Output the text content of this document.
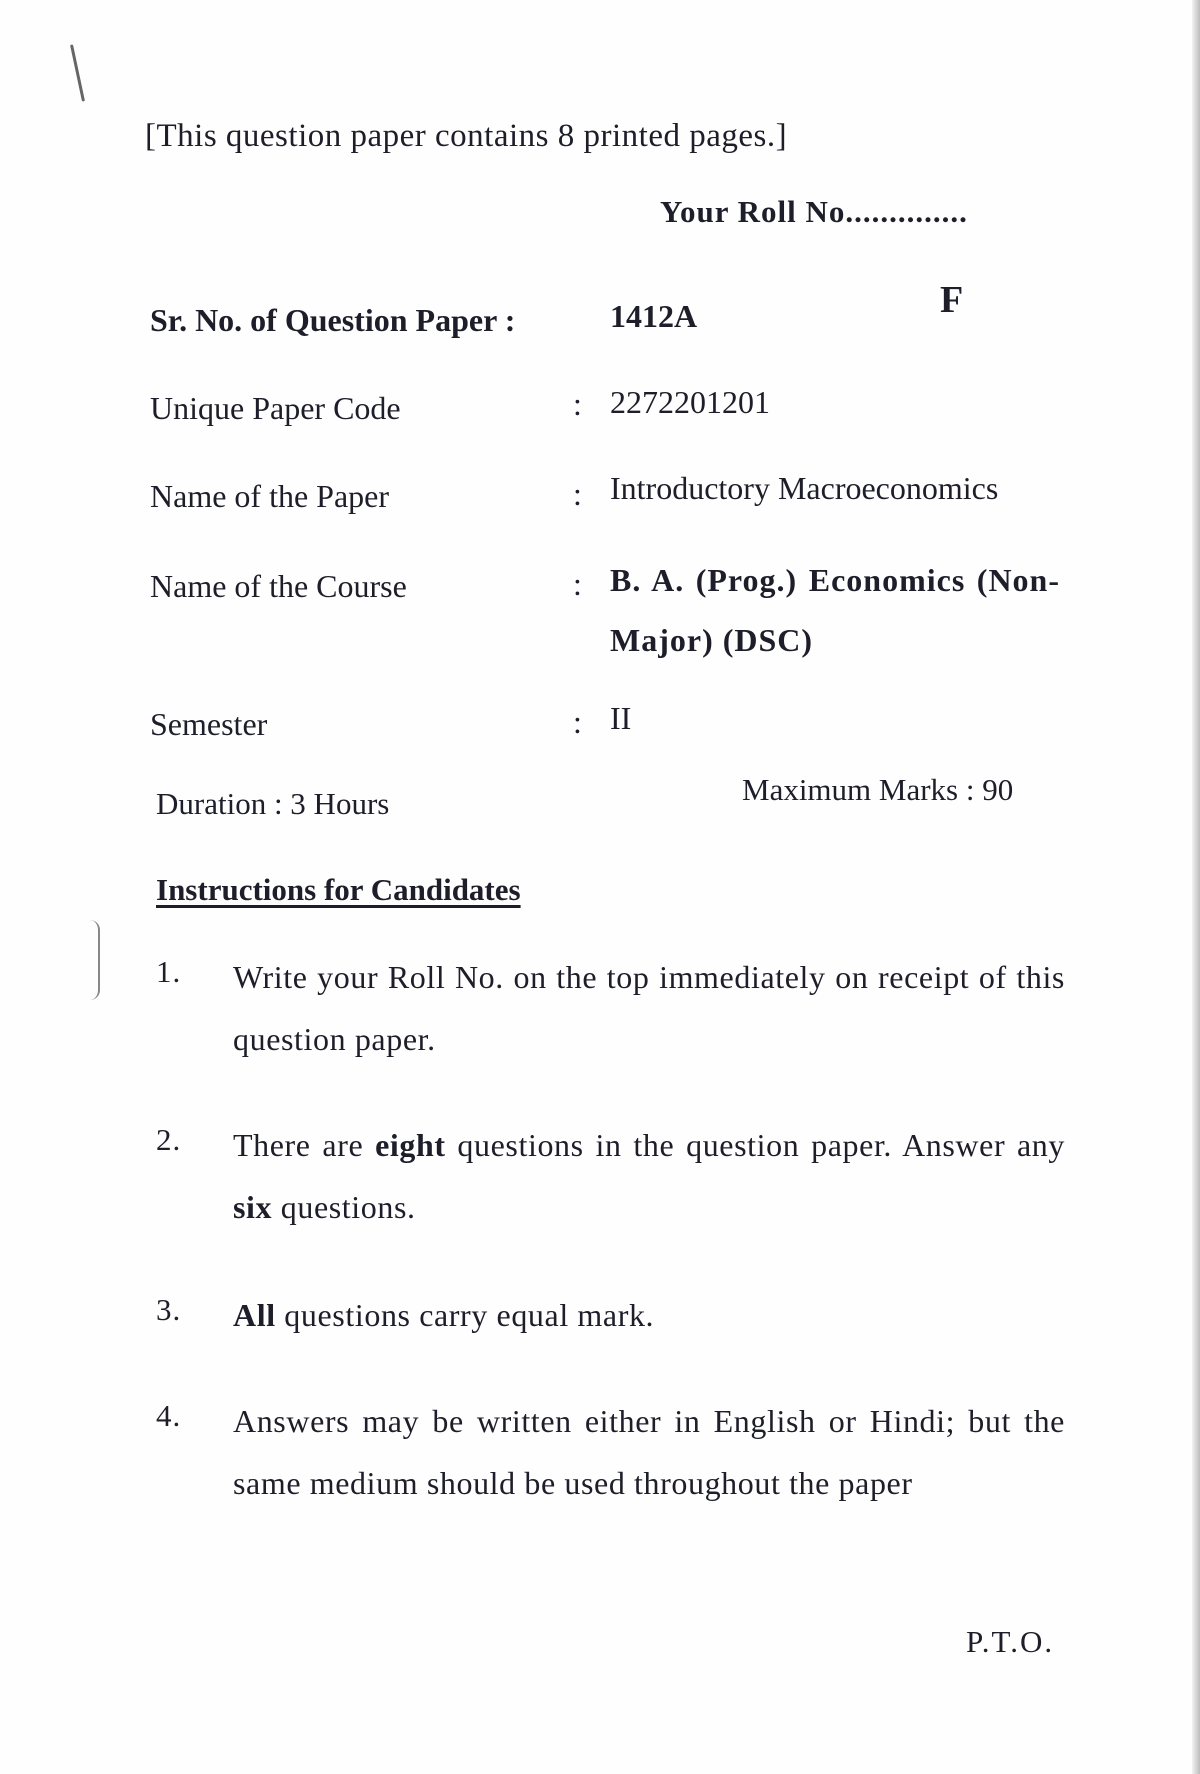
[This question paper contains 8 printed pages.]
Your Roll No..............
F
Sr. No. of Question Paper :	1412A
Unique Paper Code	: 2272201201
Name of the Paper	: Introductory Macroeconomics
Name of the Course	: B. A. (Prog.) Economics (Non- Major) (DSC)
Semester	: II
Duration : 3 Hours	Maximum Marks : 90
Instructions for Candidates
1. Write your Roll No. on the top immediately on receipt of this question paper.
2. There are eight questions in the question paper. Answer any six questions.
3. All questions carry equal mark.
4. Answers may be written either in English or Hindi; but the same medium should be used throughout the paper
P.T.O.
